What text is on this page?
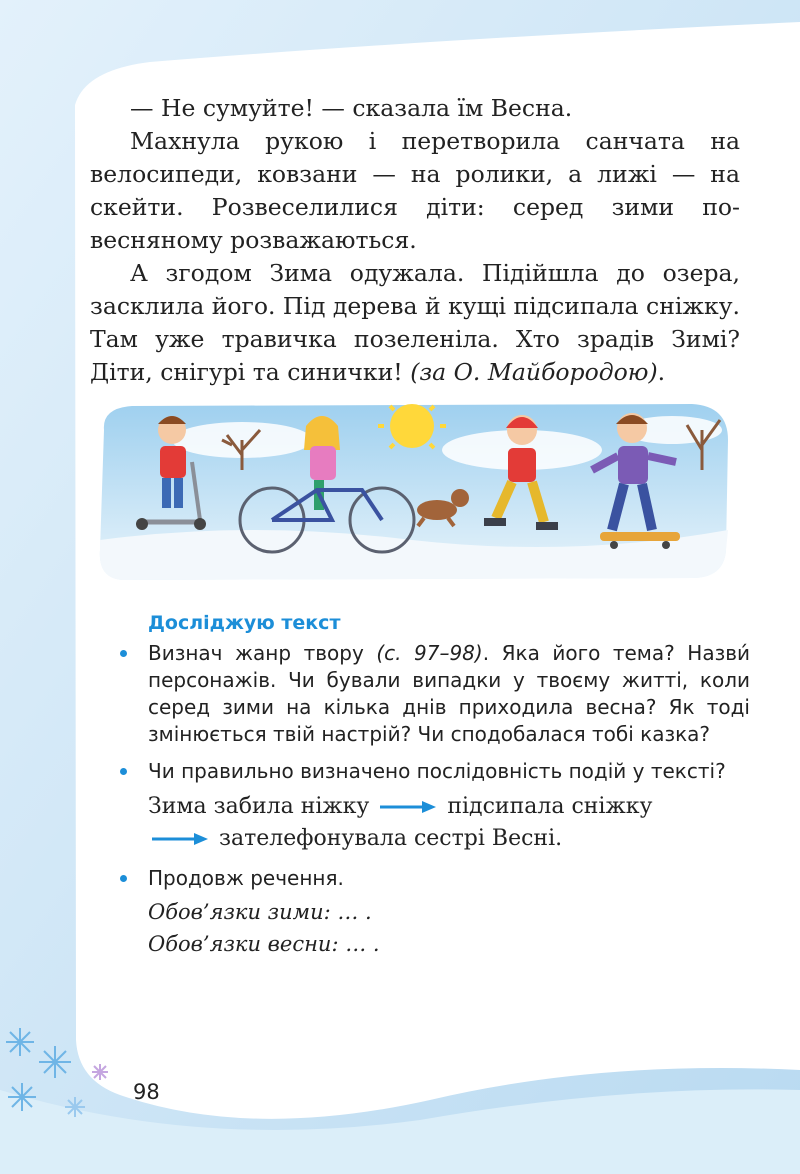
— Не сумуйте! — сказала їм Весна.

Махнула рукою і перетворила санчата на велосипеди, ковзани — на ролики, а лижі — на скейти. Розвеселилися діти: серед зими по-весняному розважаються.

А згодом Зима одужала. Підійшла до озера, засклила його. Під дерева й кущі підсипала сніжку. Там уже травичка позеленіла. Хто зрадів Зимі? Діти, снігурі та синички! (за О. Майбородою).

Досліджую текст
Визнач жанр твору (с. 97–98). Яка його тема? Назви́ персонажів. Чи бували випадки у твоєму житті, коли серед зими на кілька днів приходила весна? Як тоді змінюється твій настрій? Чи сподобалася тобі казка?
Чи правильно визначено послідовність подій у тексті?
Зима забила ніжку	підсипала сніжку
зателефонувала сестрі Весні.
Продовж речення.
Обов’язки зими: … .
Обов’язки весни: … .
98
